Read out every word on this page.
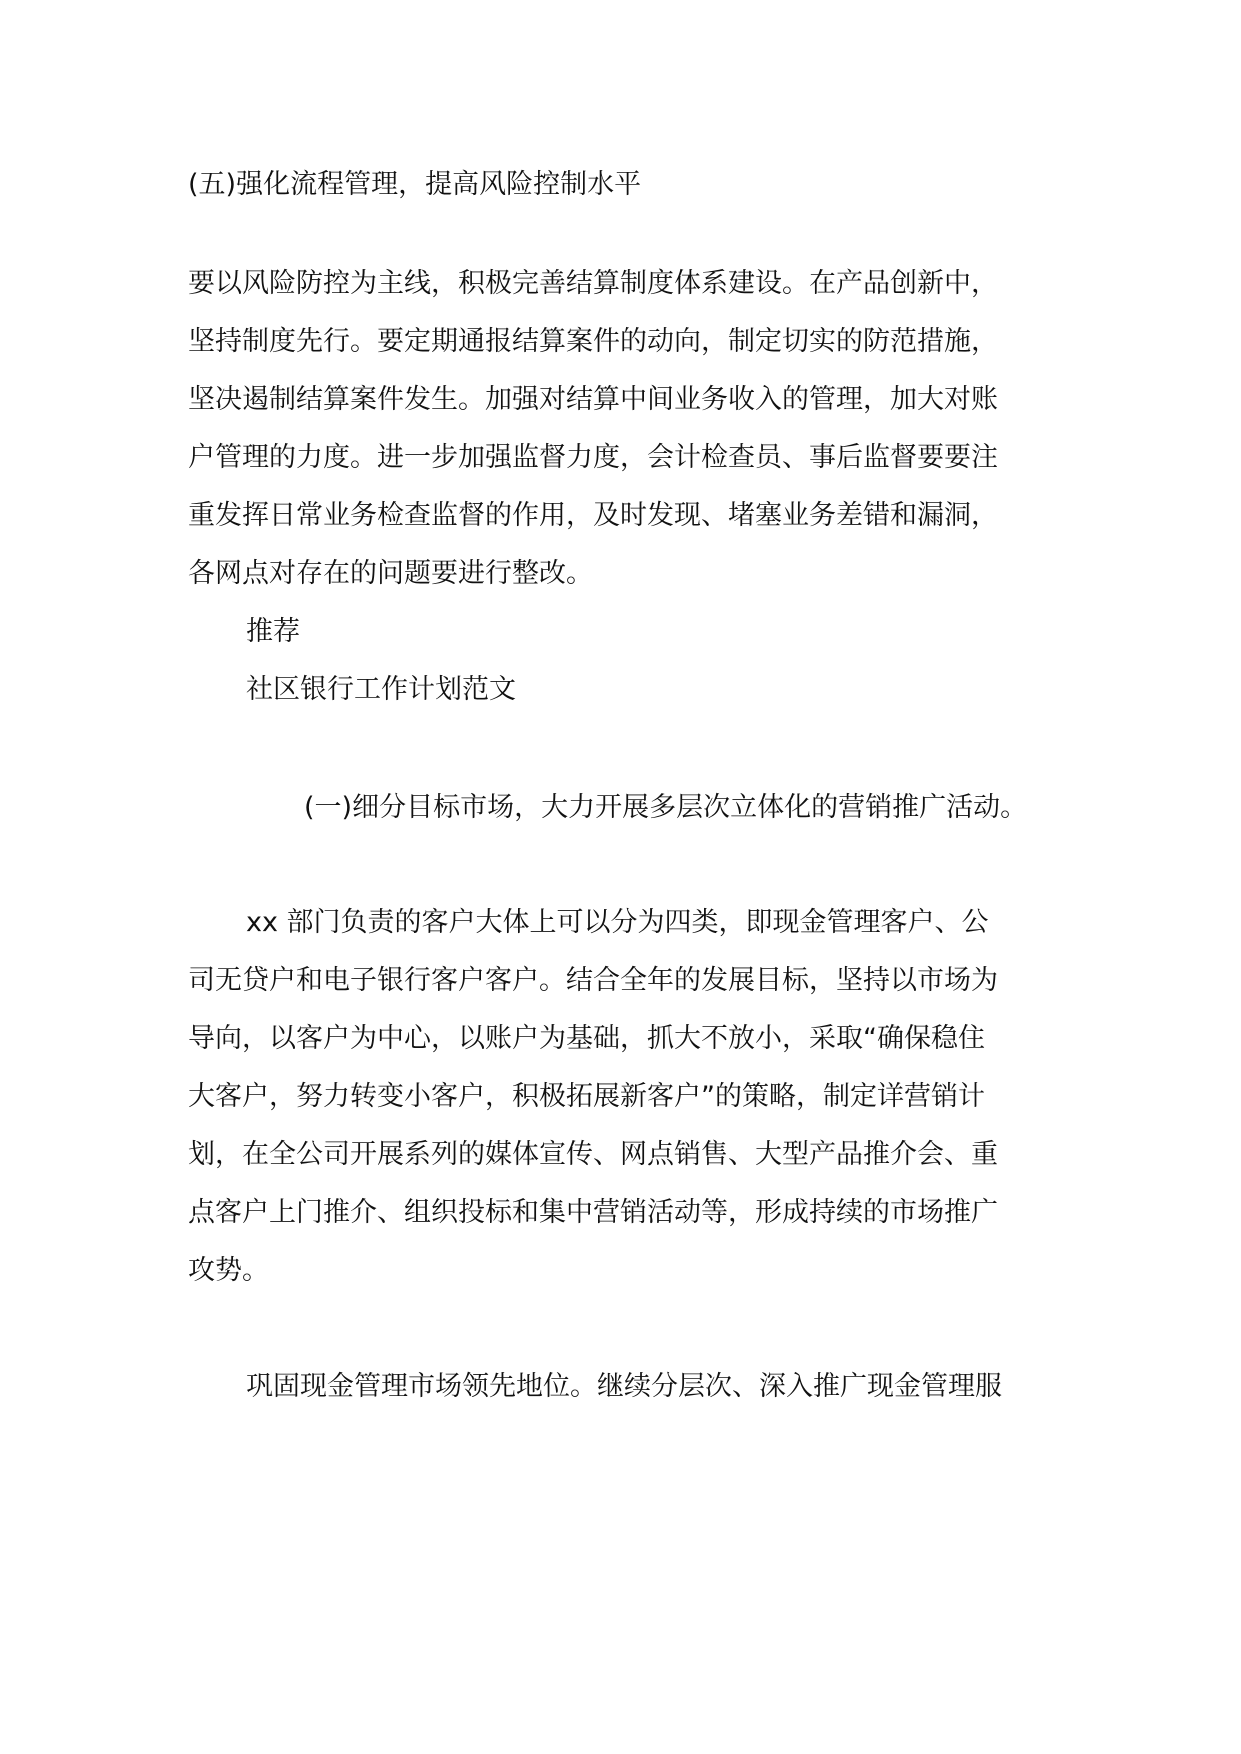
(五)强化流程管理，提高风险控制水平
要以风险防控为主线，积极完善结算制度体系建设。在产品创新中，
坚持制度先行。要定期通报结算案件的动向，制定切实的防范措施，
坚决遏制结算案件发生。加强对结算中间业务收入的管理，加大对账
户管理的力度。进一步加强监督力度，会计检查员、事后监督要要注
重发挥日常业务检查监督的作用，及时发现、堵塞业务差错和漏洞，
各网点对存在的问题要进行整改。
推荐
社区银行工作计划范文
(一)细分目标市场，大力开展多层次立体化的营销推广活动。
xx 部门负责的客户大体上可以分为四类，即现金管理客户、公
司无贷户和电子银行客户客户。结合全年的发展目标，坚持以市场为
导向，以客户为中心，以账户为基础，抓大不放小，采取“确保稳住
大客户，努力转变小客户，积极拓展新客户”的策略，制定详营销计
划，在全公司开展系列的媒体宣传、网点销售、大型产品推介会、重
点客户上门推介、组织投标和集中营销活动等，形成持续的市场推广
攻势。
巩固现金管理市场领先地位。继续分层次、深入推广现金管理服
